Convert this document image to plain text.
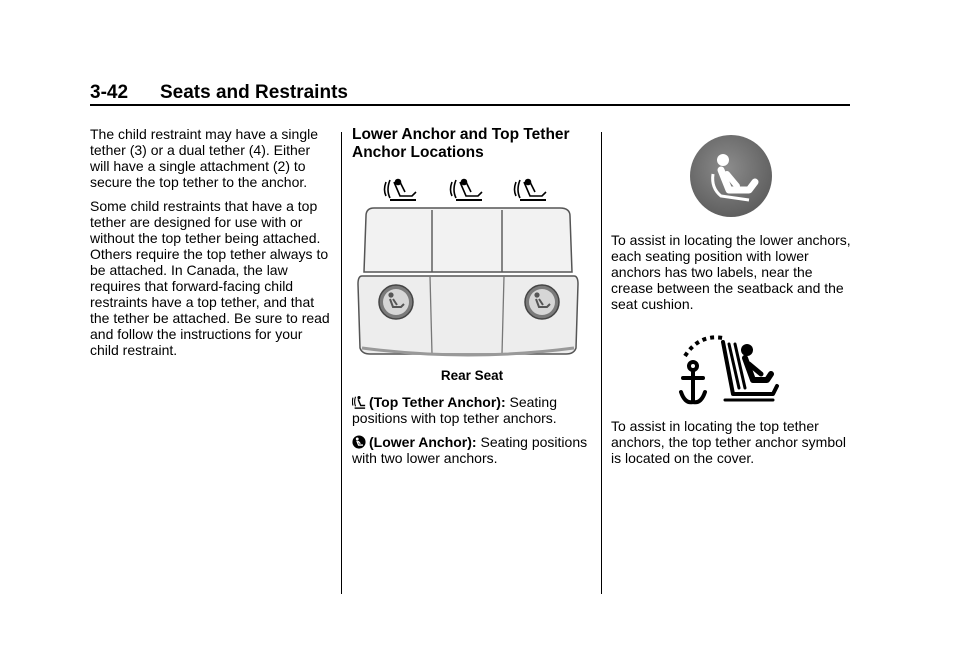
3-42 Seats and Restraints

The child restraint may have a single tether (3) or a dual tether (4). Either will have a single attachment (2) to secure the top tether to the anchor.

Some child restraints that have a top tether are designed for use with or without the top tether being attached. Others require the top tether always to be attached. In Canada, the law requires that forward-facing child restraints have a top tether, and that the tether be attached. Be sure to read and follow the instructions for your child restraint.

Lower Anchor and Top Tether Anchor Locations
Rear Seat

(Top Tether Anchor): Seating positions with top tether anchors.

(Lower Anchor): Seating positions with two lower anchors.

To assist in locating the lower anchors, each seating position with lower anchors has two labels, near the crease between the seatback and the seat cushion.

To assist in locating the top tether anchors, the top tether anchor symbol is located on the cover.
